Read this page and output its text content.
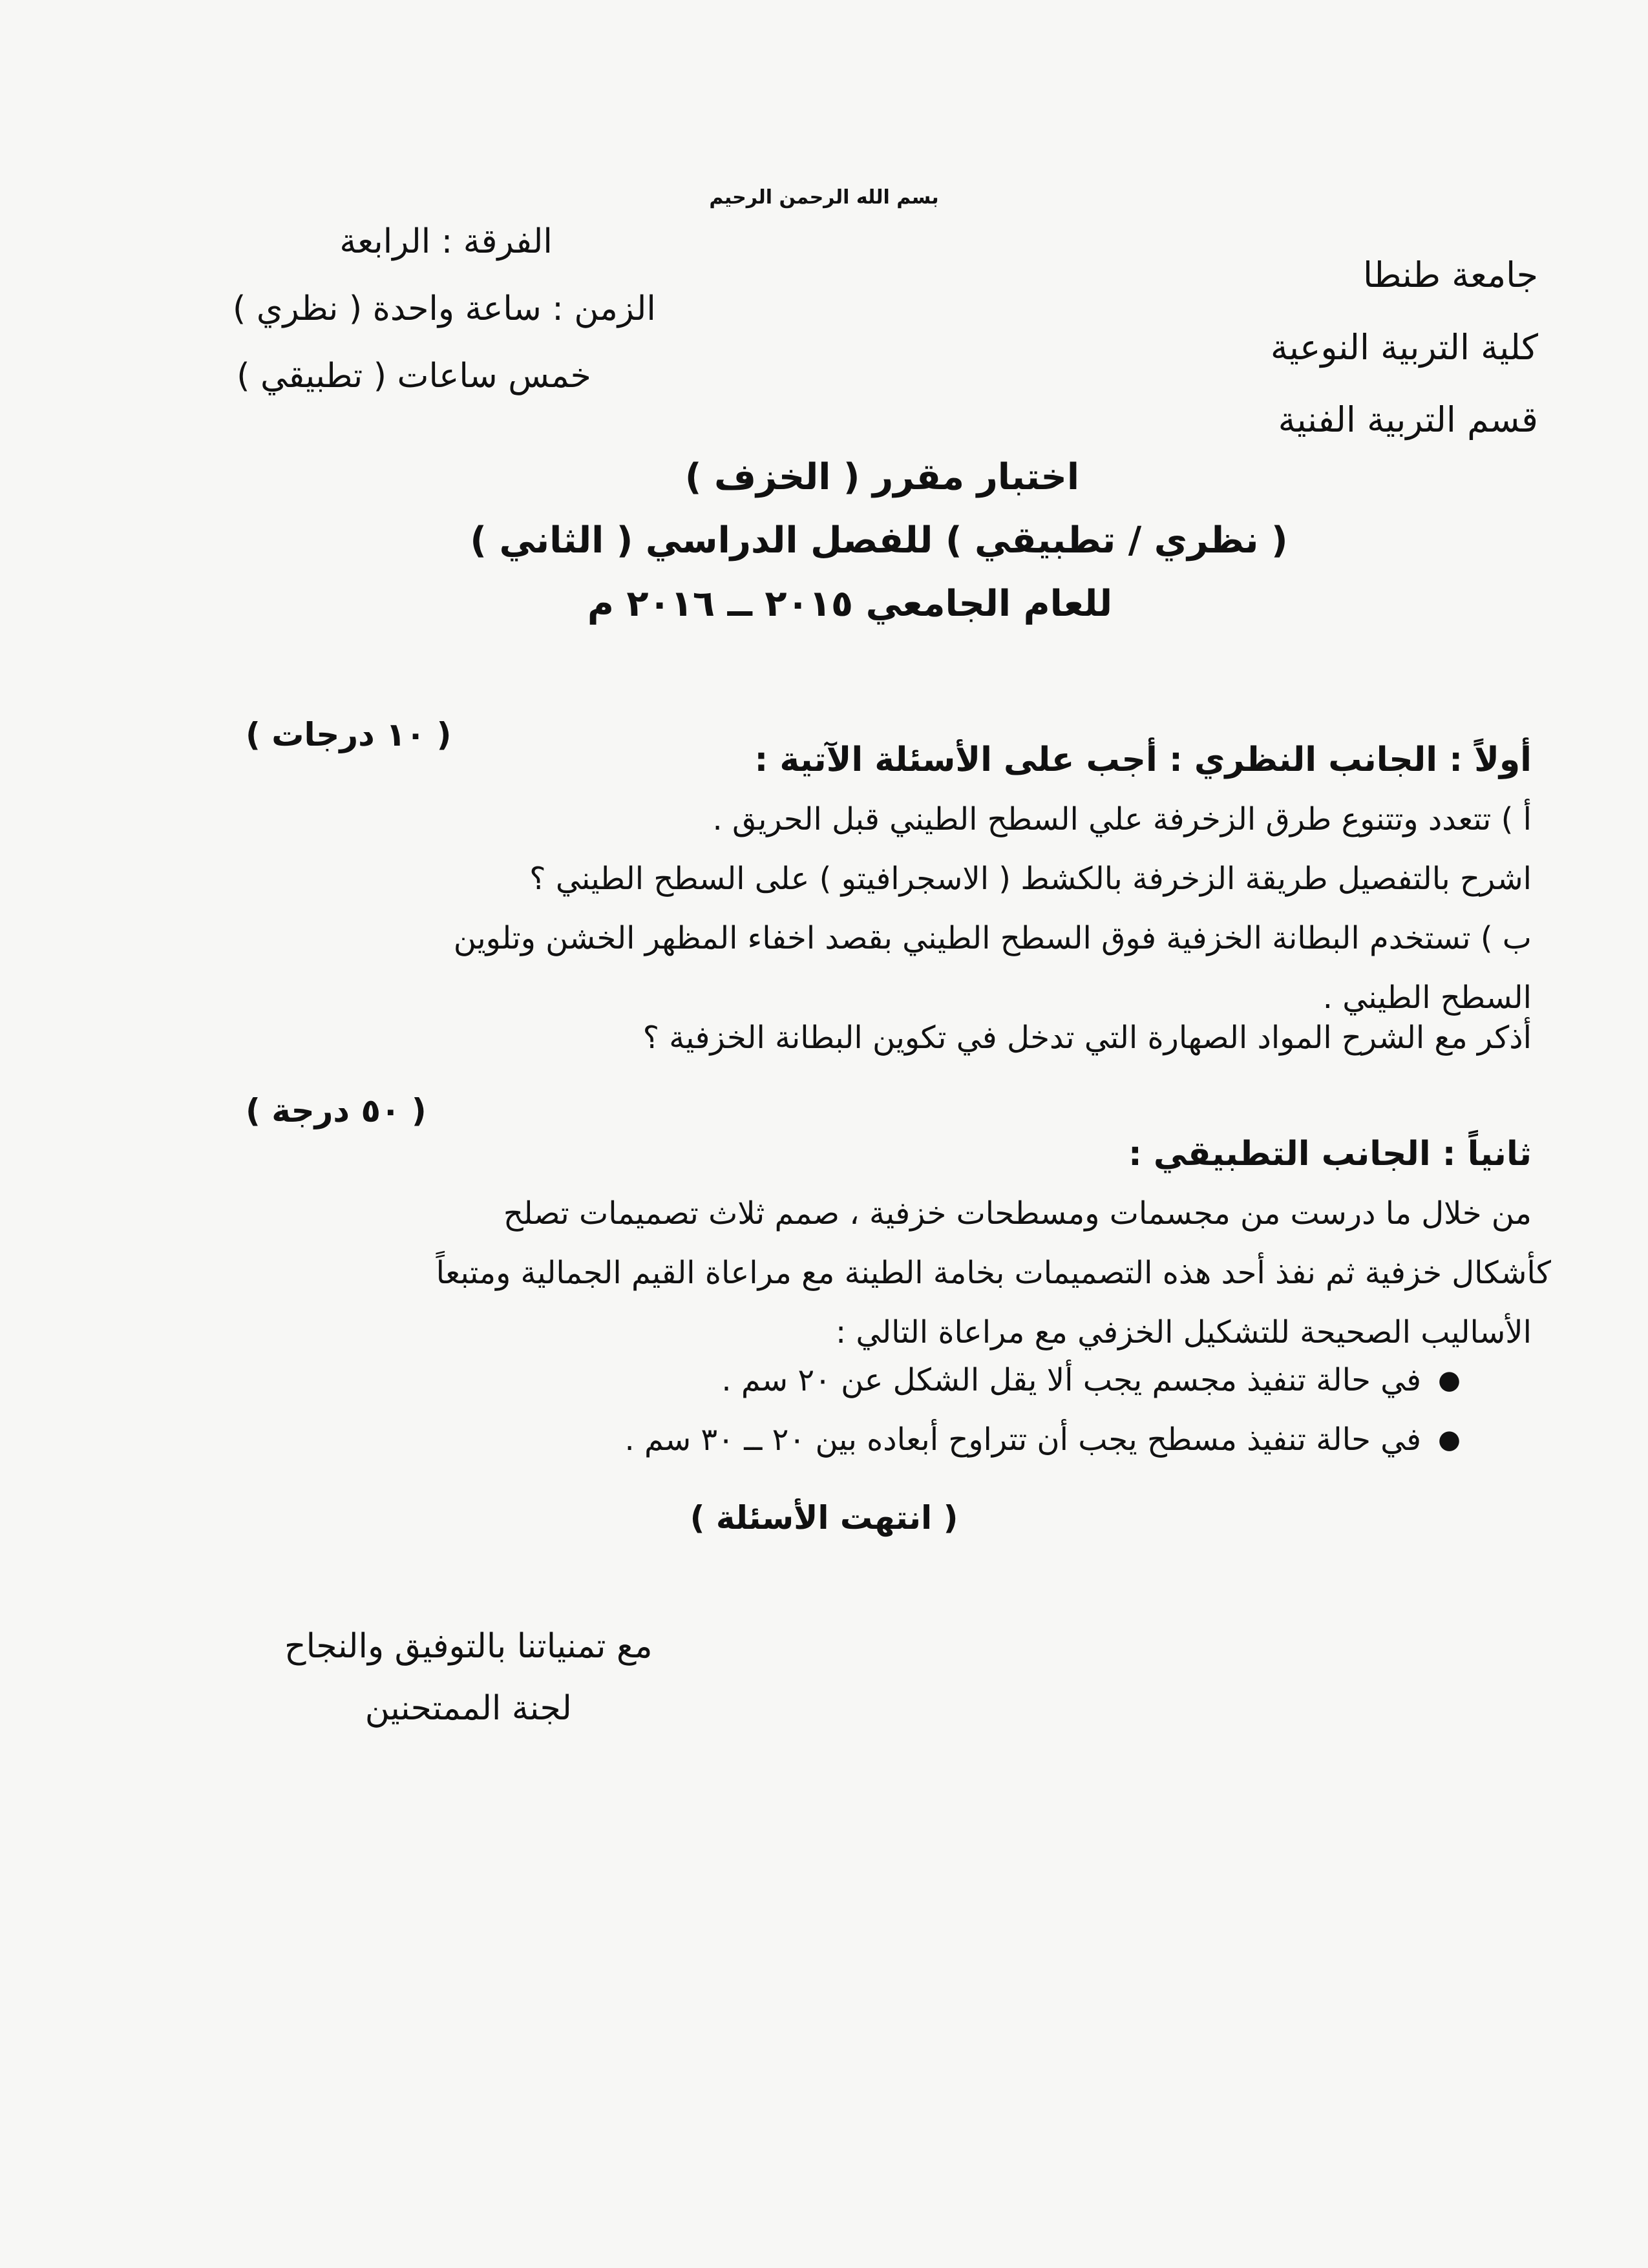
بسم الله الرحمن الرحيم
جامعة طنطا
كلية التربية النوعية
قسم التربية الفنية
الفرقة : الرابعة
الزمن : ساعة واحدة ( نظري )
خمس ساعات ( تطبيقي )
اختبار مقرر ( الخزف )
( نظري / تطبيقي ) للفصل الدراسي ( الثاني )
للعام الجامعي ٢٠١٥ ــ ٢٠١٦ م
( ١٠ درجات )
أولاً : الجانب النظري : أجب على الأسئلة الآتية :
أ ) تتعدد وتتنوع طرق الزخرفة علي السطح الطيني قبل الحريق .
اشرح بالتفصيل طريقة الزخرفة بالكشط ( الاسجرافيتو ) على السطح الطيني ؟
ب ) تستخدم البطانة الخزفية فوق السطح الطيني بقصد اخفاء المظهر الخشن وتلوين
السطح الطيني .
أذكر مع الشرح المواد الصهارة التي تدخل في تكوين البطانة الخزفية ؟
( ٥٠ درجة )
ثانياً : الجانب التطبيقي :
من خلال ما درست من مجسمات ومسطحات خزفية ، صمم ثلاث تصميمات تصلح
كأشكال خزفية ثم نفذ أحد هذه التصميمات بخامة الطينة مع مراعاة القيم الجمالية ومتبعاً
الأساليب الصحيحة للتشكيل الخزفي مع مراعاة التالي :
●
في حالة تنفيذ مجسم يجب ألا يقل الشكل عن ٢٠ سم .
●
في حالة تنفيذ مسطح يجب أن تتراوح أبعاده بين ٢٠ ــ ٣٠ سم .
( انتهت الأسئلة )
مع تمنياتنا بالتوفيق والنجاح
لجنة الممتحنين
